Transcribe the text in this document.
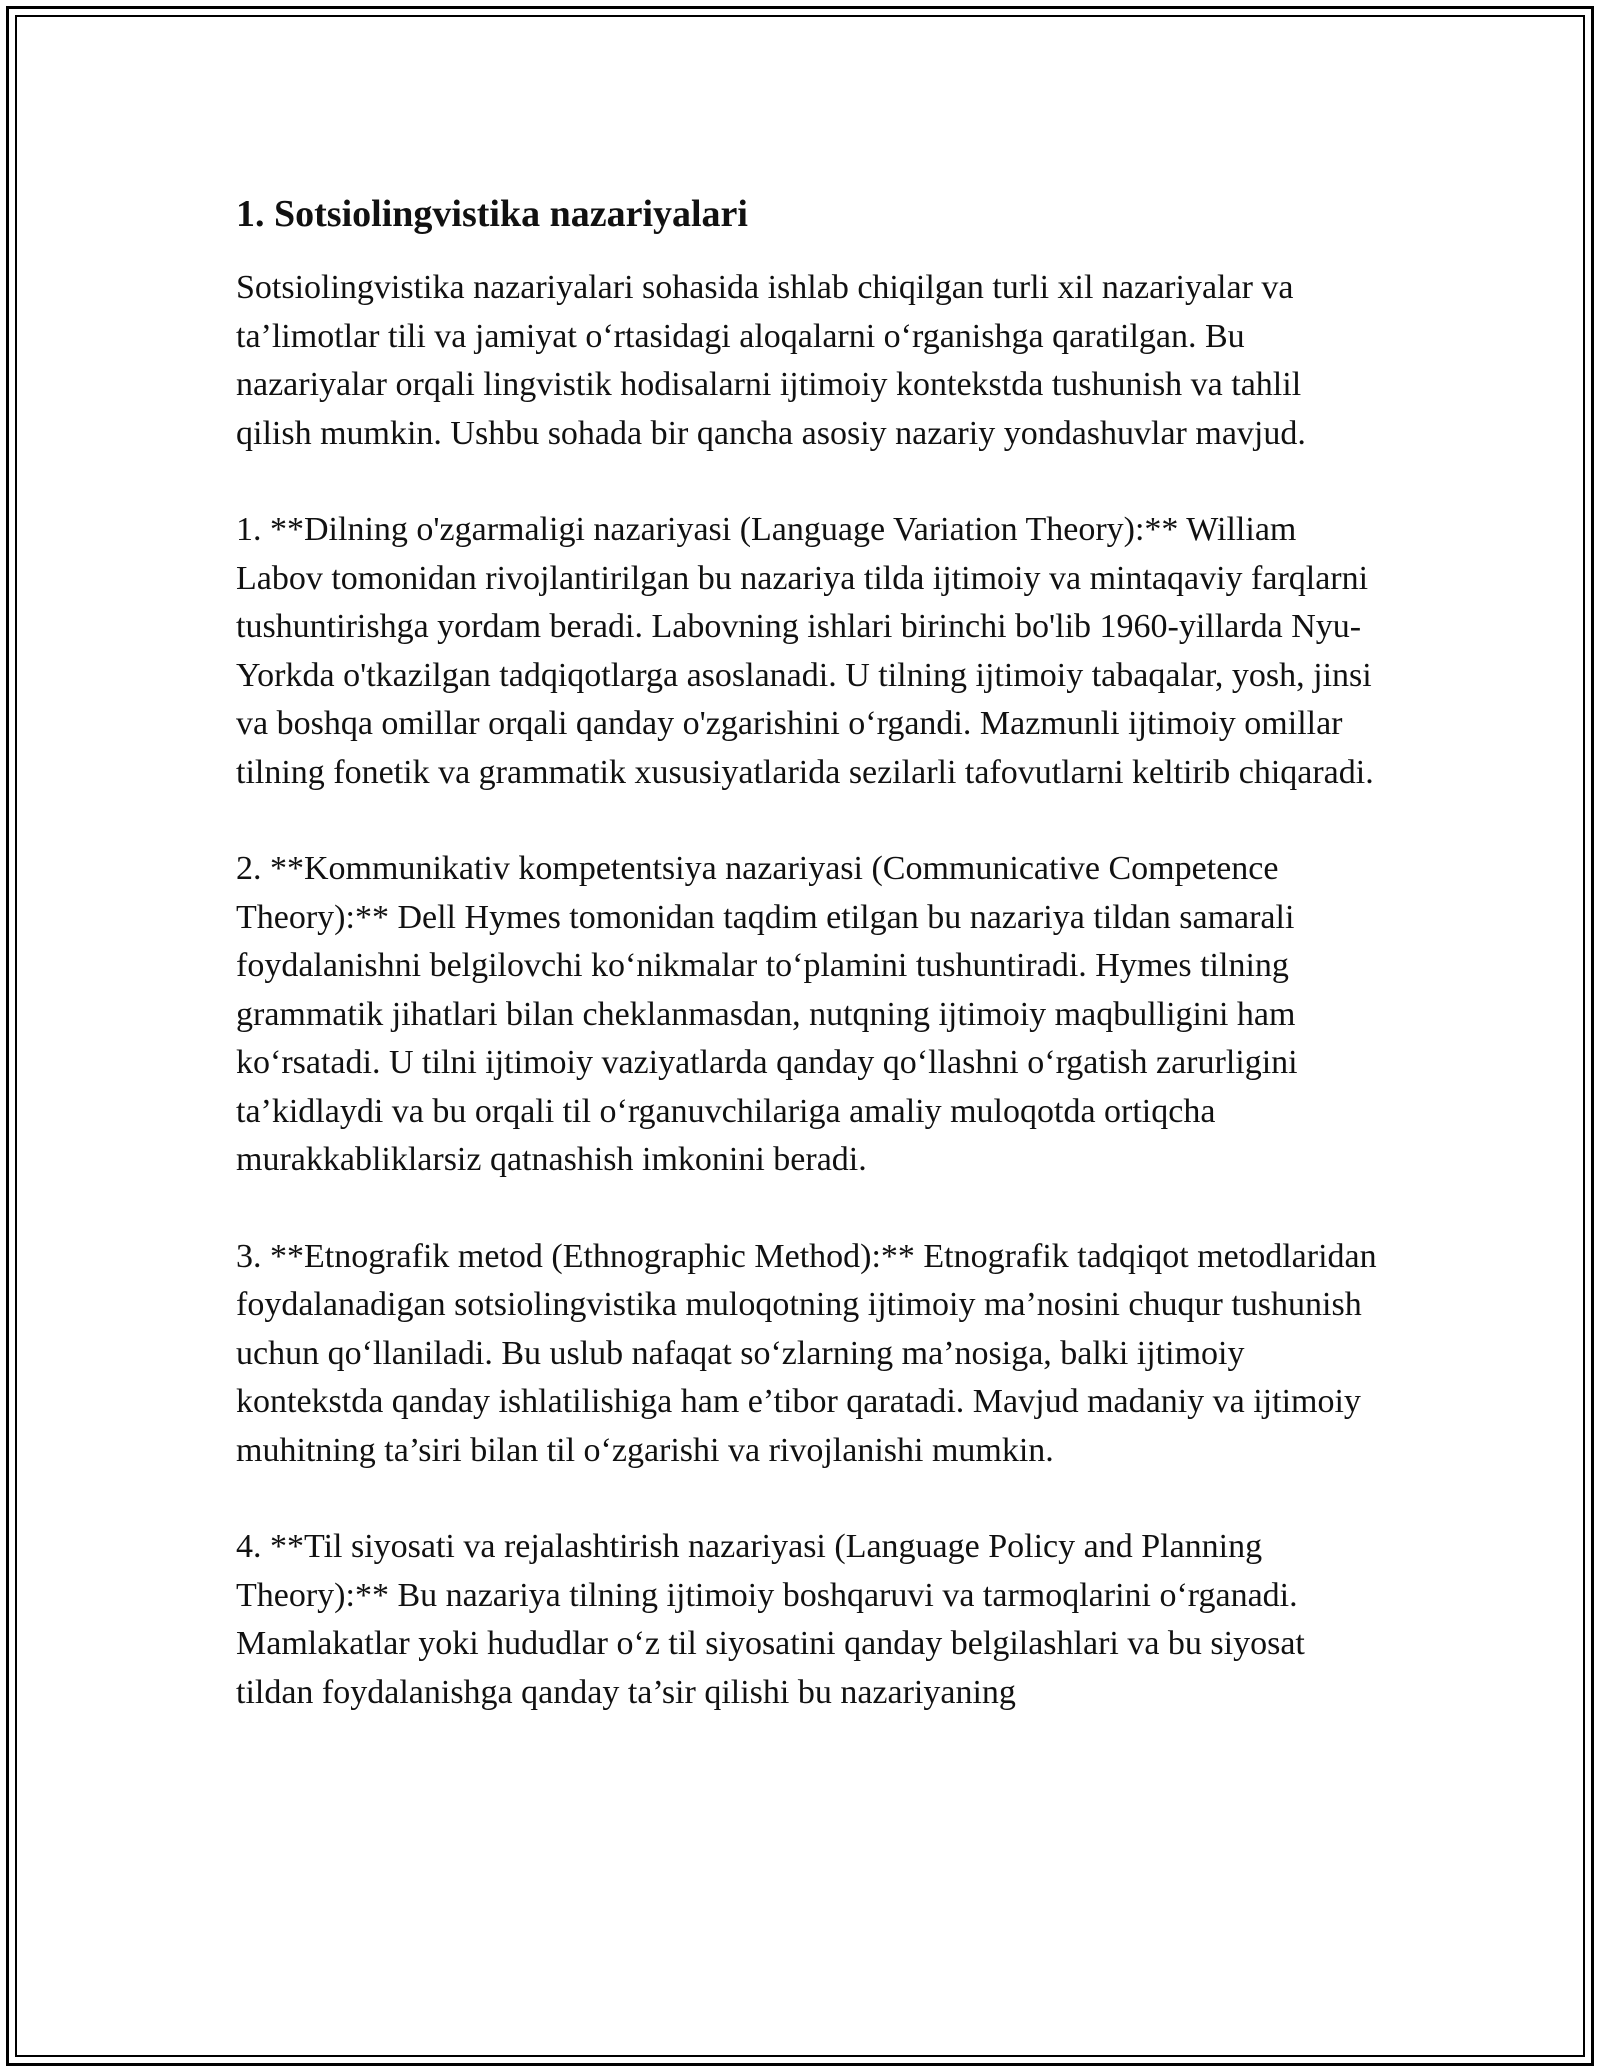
1. Sotsiolingvistika nazariyalari

Sotsiolingvistika nazariyalari sohasida ishlab chiqilgan turli xil nazariyalar va ta’limotlar tili va jamiyat o‘rtasidagi aloqalarni o‘rganishga qaratilgan. Bu nazariyalar orqali lingvistik hodisalarni ijtimoiy kontekstda tushunish va tahlil qilish mumkin. Ushbu sohada bir qancha asosiy nazariy yondashuvlar mavjud.

1. **Dilning o'zgarmaligi nazariyasi (Language Variation Theory):** William Labov tomonidan rivojlantirilgan bu nazariya tilda ijtimoiy va mintaqaviy farqlarni tushuntirishga yordam beradi. Labovning ishlari birinchi bo'lib 1960-yillarda Nyu-Yorkda o'tkazilgan tadqiqotlarga asoslanadi. U tilning ijtimoiy tabaqalar, yosh, jinsi va boshqa omillar orqali qanday o'zgarishini o‘rgandi. Mazmunli ijtimoiy omillar tilning fonetik va grammatik xususiyatlarida sezilarli tafovutlarni keltirib chiqaradi.

2. **Kommunikativ kompetentsiya nazariyasi (Communicative Competence Theory):** Dell Hymes tomonidan taqdim etilgan bu nazariya tildan samarali foydalanishni belgilovchi ko‘nikmalar to‘plamini tushuntiradi. Hymes tilning grammatik jihatlari bilan cheklanmasdan, nutqning ijtimoiy maqbulligini ham ko‘rsatadi. U tilni ijtimoiy vaziyatlarda qanday qo‘llashni o‘rgatish zarurligini ta’kidlaydi va bu orqali til o‘rganuvchilariga amaliy muloqotda ortiqcha murakkabliklarsiz qatnashish imkonini beradi.

3. **Etnografik metod (Ethnographic Method):** Etnografik tadqiqot metodlaridan foydalanadigan sotsiolingvistika muloqotning ijtimoiy ma’nosini chuqur tushunish uchun qo‘llaniladi. Bu uslub nafaqat so‘zlarning ma’nosiga, balki ijtimoiy kontekstda qanday ishlatilishiga ham e’tibor qaratadi. Mavjud madaniy va ijtimoiy muhitning ta’siri bilan til o‘zgarishi va rivojlanishi mumkin.

4. **Til siyosati va rejalashtirish nazariyasi (Language Policy and Planning Theory):** Bu nazariya tilning ijtimoiy boshqaruvi va tarmoqlarini o‘rganadi. Mamlakatlar yoki hududlar o‘z til siyosatini qanday belgilashlari va bu siyosat tildan foydalanishga qanday ta’sir qilishi bu nazariyaning
